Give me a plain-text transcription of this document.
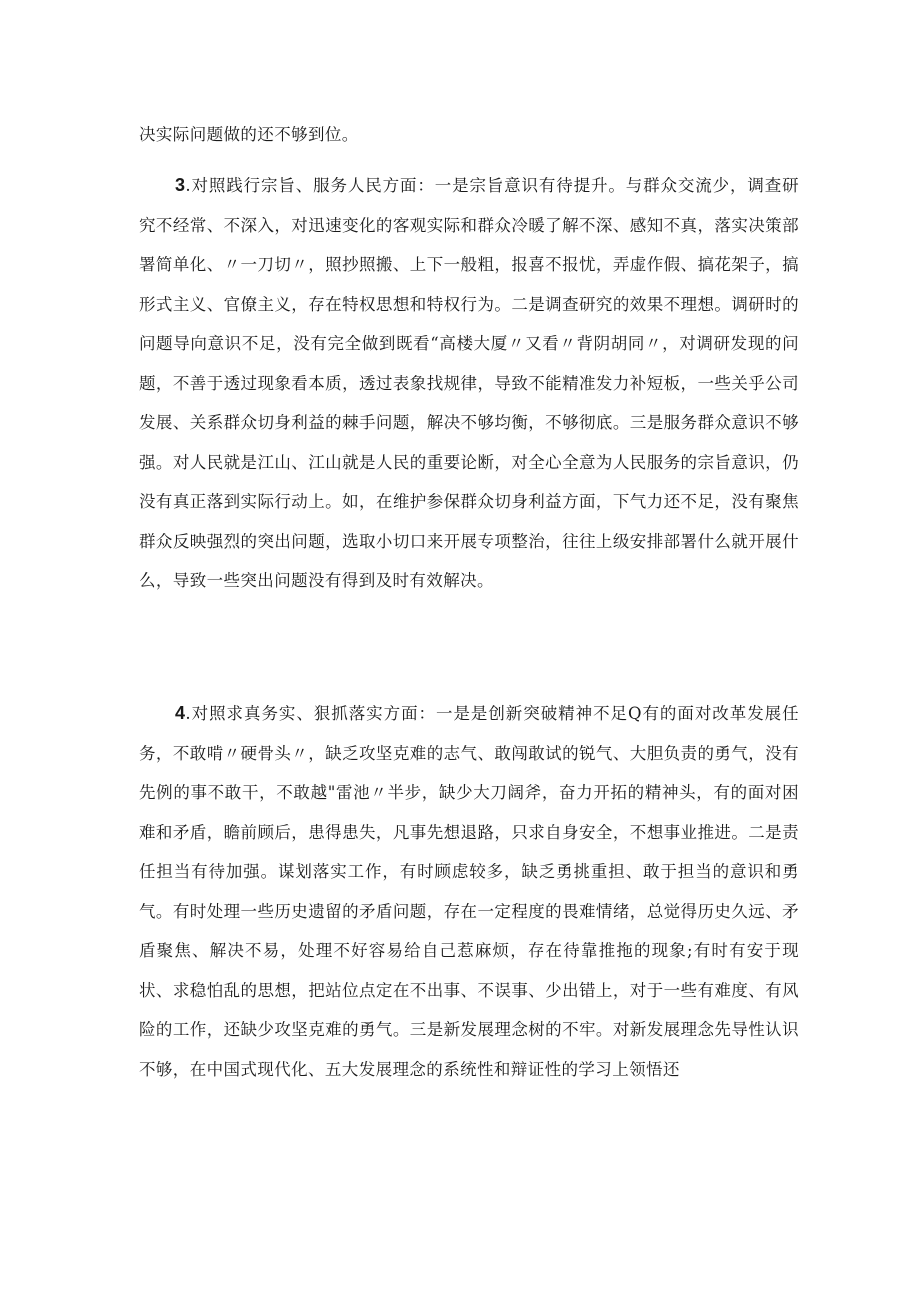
决实际问题做的还不够到位。

3.对照践行宗旨、服务人民方面：一是宗旨意识有待提升。与群众交流少，调查研究不经常、不深入，对迅速变化的客观实际和群众冷暖了解不深、感知不真，落实决策部署简单化、〃一刀切〃，照抄照搬、上下一般粗，报喜不报忧，弄虚作假、搞花架子，搞形式主义、官僚主义，存在特权思想和特权行为。二是调查研究的效果不理想。调研时的问题导向意识不足，没有完全做到既看“高楼大厦〃又看〃背阴胡同〃，对调研发现的问题，不善于透过现象看本质，透过表象找规律，导致不能精准发力补短板，一些关乎公司发展、关系群众切身利益的棘手问题，解决不够均衡，不够彻底。三是服务群众意识不够强。对人民就是江山、江山就是人民的重要论断，对全心全意为人民服务的宗旨意识，仍没有真正落到实际行动上。如，在维护参保群众切身利益方面，下气力还不足，没有聚焦群众反映强烈的突出问题，选取小切口来开展专项整治，往往上级安排部署什么就开展什么，导致一些突出问题没有得到及时有效解决。

4.对照求真务实、狠抓落实方面：一是是创新突破精神不足Q有的面对改革发展任务，不敢啃〃硬骨头〃，缺乏攻坚克难的志气、敢闯敢试的锐气、大胆负责的勇气，没有先例的事不敢干，不敢越"雷池〃半步，缺少大刀阔斧，奋力开拓的精神头，有的面对困难和矛盾，瞻前顾后，患得患失，凡事先想退路，只求自身安全，不想事业推进。二是责任担当有待加强。谋划落实工作，有时顾虑较多，缺乏勇挑重担、敢于担当的意识和勇气。有时处理一些历史遗留的矛盾问题，存在一定程度的畏难情绪，总觉得历史久远、矛盾聚焦、解决不易，处理不好容易给自己惹麻烦，存在待靠推拖的现象;有时有安于现状、求稳怕乱的思想，把站位点定在不出事、不误事、少出错上，对于一些有难度、有风险的工作，还缺少攻坚克难的勇气。三是新发展理念树的不牢。对新发展理念先导性认识不够，在中国式现代化、五大发展理念的系统性和辩证性的学习上领悟还
